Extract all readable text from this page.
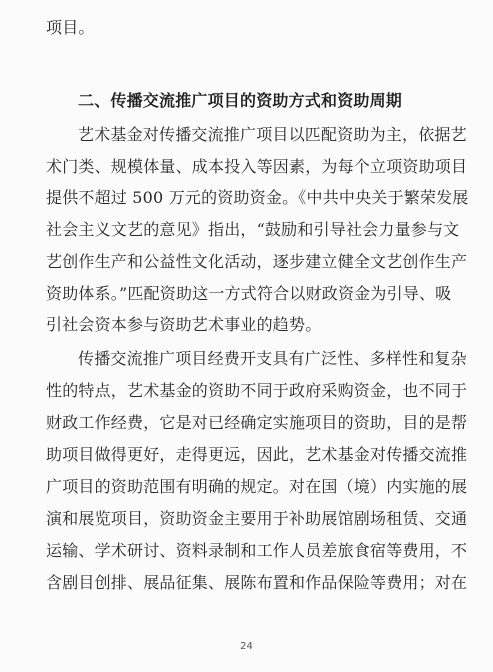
项目。
二、传播交流推广项目的资助方式和资助周期
艺术基金对传播交流推广项目以匹配资助为主，依据艺
术门类、规模体量、成本投入等因素，为每个立项资助项目
提供不超过 500 万元的资助资金。《中共中央关于繁荣发展
社会主义文艺的意见》指出，“鼓励和引导社会力量参与文
艺创作生产和公益性文化活动，逐步建立健全文艺创作生产
资助体系。”匹配资助这一方式符合以财政资金为引导、吸
引社会资本参与资助艺术事业的趋势。
传播交流推广项目经费开支具有广泛性、多样性和复杂
性的特点，艺术基金的资助不同于政府采购资金，也不同于
财政工作经费，它是对已经确定实施项目的资助，目的是帮
助项目做得更好，走得更远，因此，艺术基金对传播交流推
广项目的资助范围有明确的规定。对在国（境）内实施的展
演和展览项目，资助资金主要用于补助展馆剧场租赁、交通
运输、学术研讨、资料录制和工作人员差旅食宿等费用，不
含剧目创排、展品征集、展陈布置和作品保险等费用；对在
24
